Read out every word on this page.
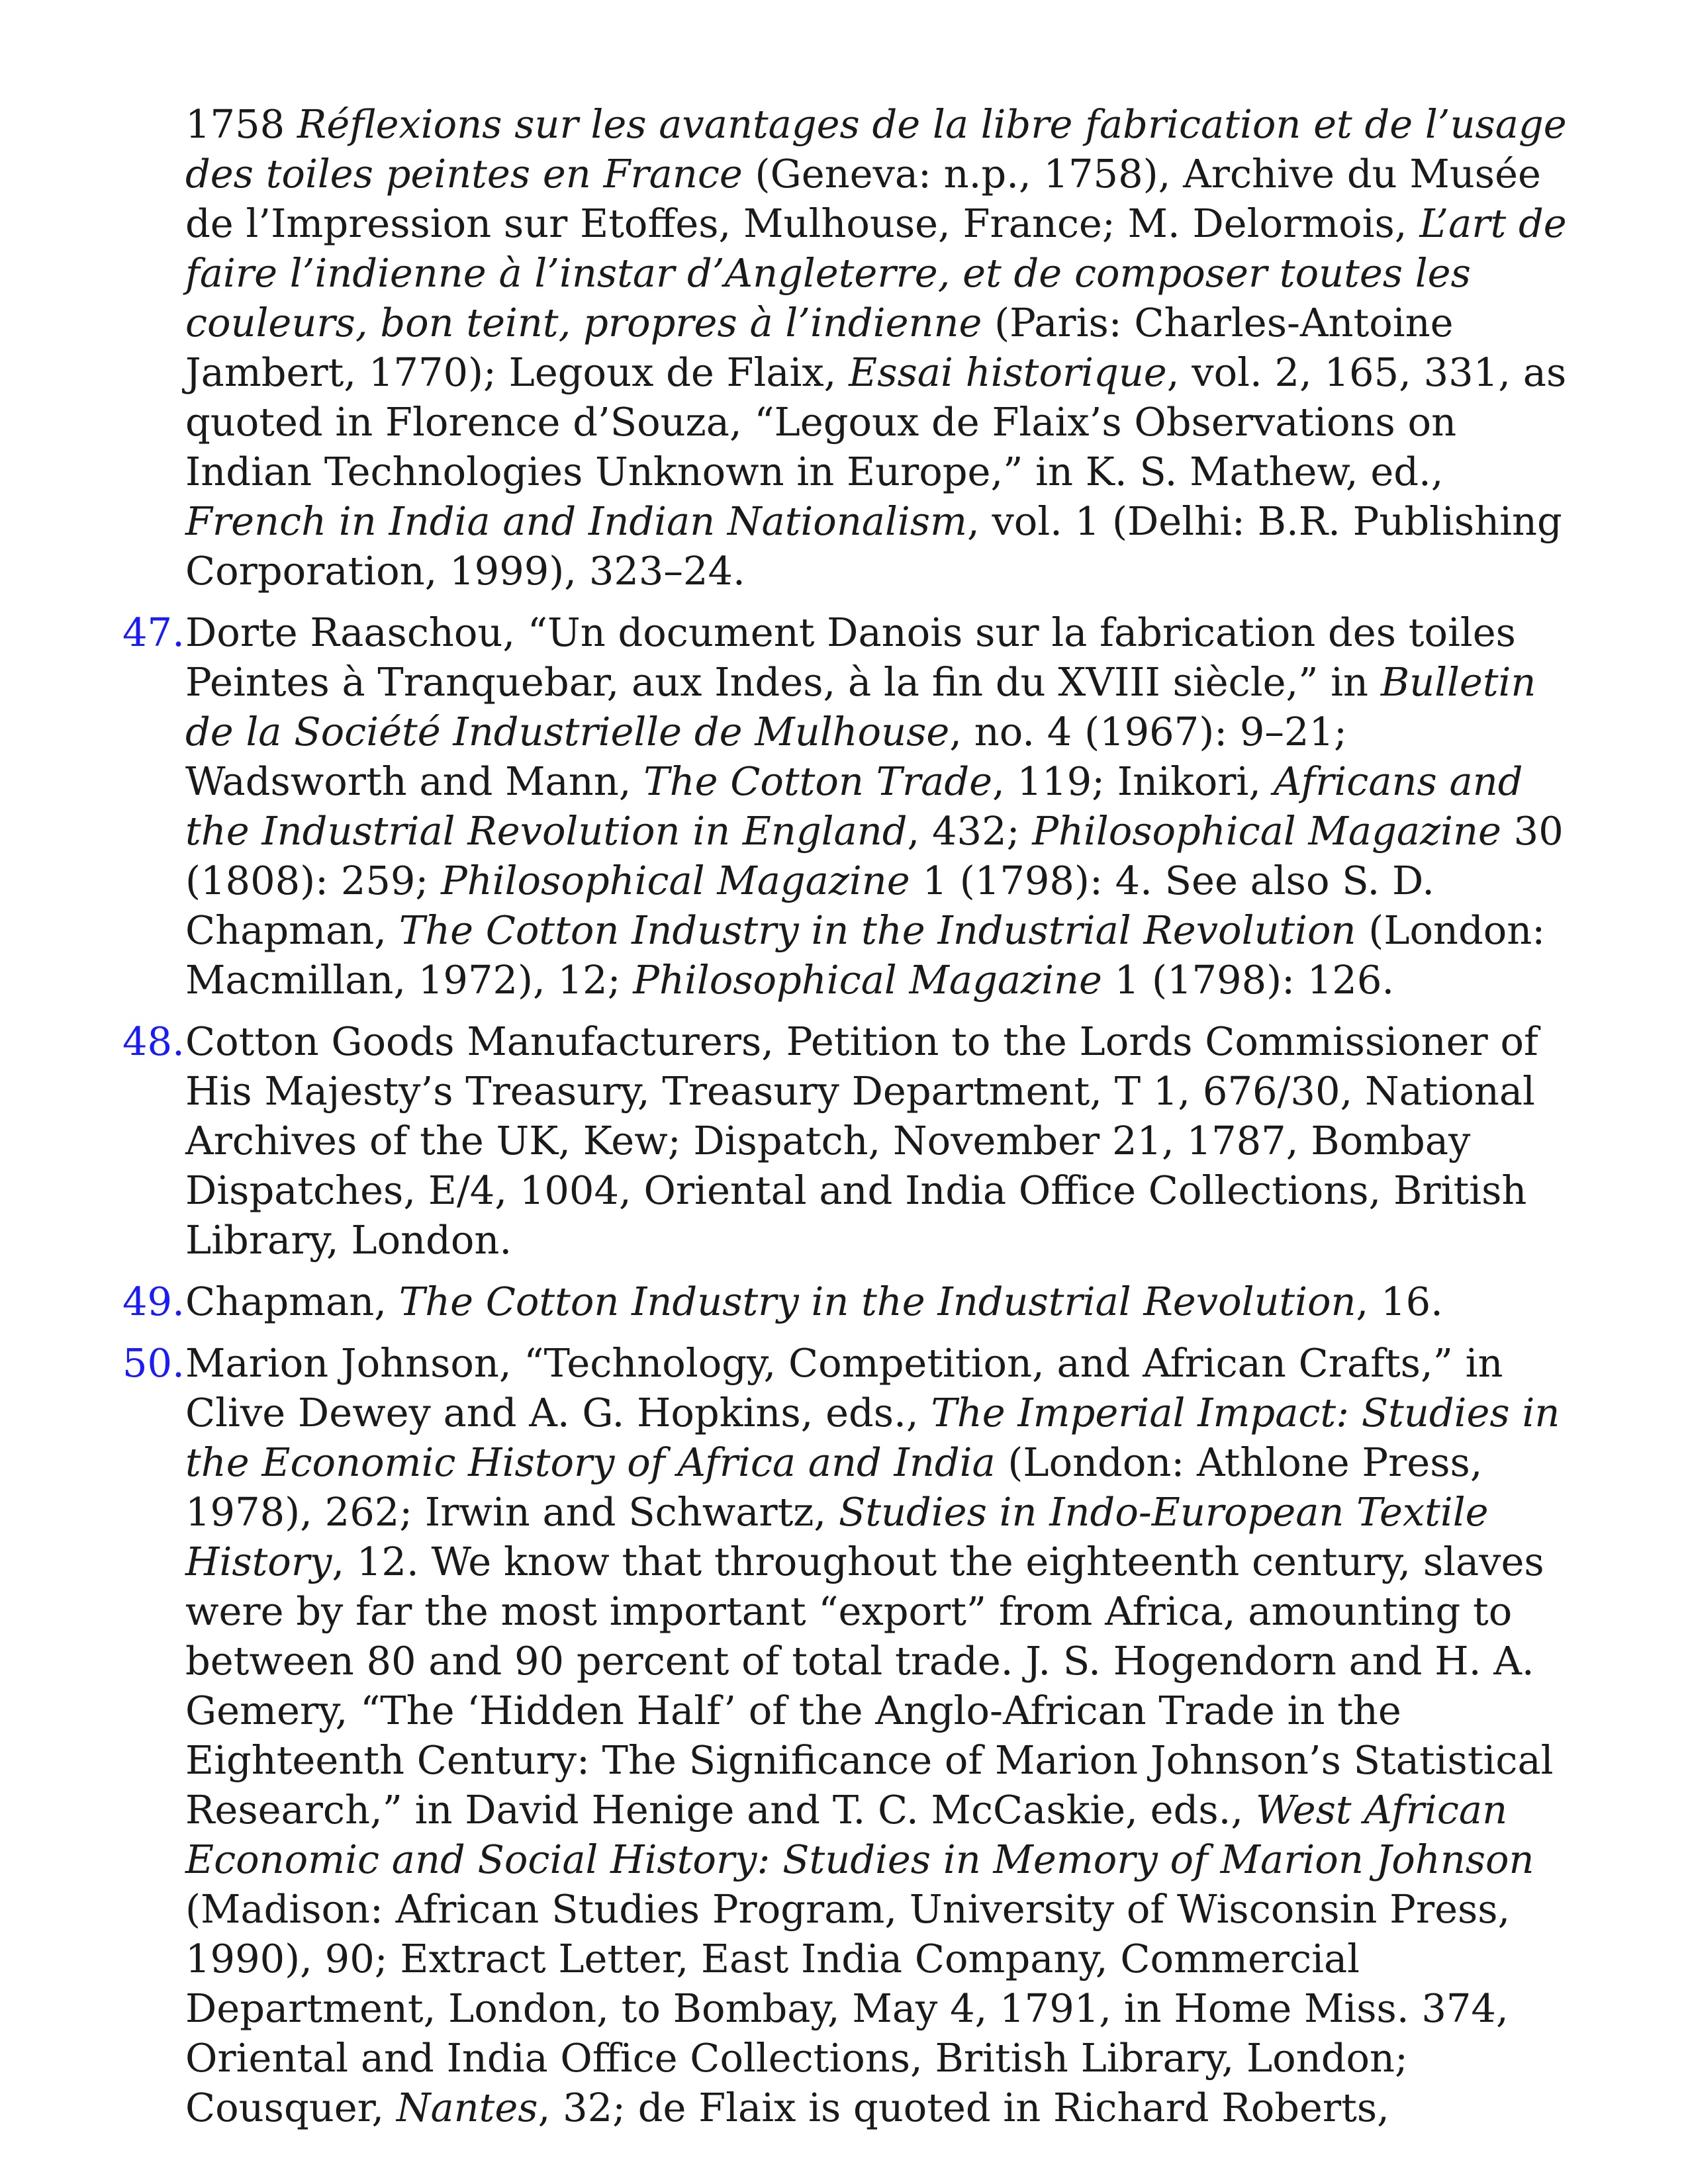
1758 Réflexions sur les avantages de la libre fabrication et de l’usage des toiles peintes en France (Geneva: n.p., 1758), Archive du Musée de l’Impression sur Etoffes, Mulhouse, France; M. Delormois, L’art de faire l’indienne à l’instar d’Angleterre, et de composer toutes les couleurs, bon teint, propres à l’indienne (Paris: Charles-Antoine Jambert, 1770); Legoux de Flaix, Essai historique, vol. 2, 165, 331, as quoted in Florence d’Souza, “Legoux de Flaix’s Observations on Indian Technologies Unknown in Europe,” in K. S. Mathew, ed., French in India and Indian Nationalism, vol. 1 (Delhi: B.R. Publishing Corporation, 1999), 323–24.
47. Dorte Raaschou, “Un document Danois sur la fabrication des toiles Peintes à Tranquebar, aux Indes, à la fin du XVIII siècle,” in Bulletin de la Société Industrielle de Mulhouse, no. 4 (1967): 9–21; Wadsworth and Mann, The Cotton Trade, 119; Inikori, Africans and the Industrial Revolution in England, 432; Philosophical Magazine 30 (1808): 259; Philosophical Magazine 1 (1798): 4. See also S. D. Chapman, The Cotton Industry in the Industrial Revolution (London: Macmillan, 1972), 12; Philosophical Magazine 1 (1798): 126.
48. Cotton Goods Manufacturers, Petition to the Lords Commissioner of His Majesty’s Treasury, Treasury Department, T 1, 676/30, National Archives of the UK, Kew; Dispatch, November 21, 1787, Bombay Dispatches, E/4, 1004, Oriental and India Office Collections, British Library, London.
49. Chapman, The Cotton Industry in the Industrial Revolution, 16.
50. Marion Johnson, “Technology, Competition, and African Crafts,” in Clive Dewey and A. G. Hopkins, eds., The Imperial Impact: Studies in the Economic History of Africa and India (London: Athlone Press, 1978), 262; Irwin and Schwartz, Studies in Indo-European Textile History, 12. We know that throughout the eighteenth century, slaves were by far the most important “export” from Africa, amounting to between 80 and 90 percent of total trade. J. S. Hogendorn and H. A. Gemery, “The ‘Hidden Half’ of the Anglo-African Trade in the Eighteenth Century: The Significance of Marion Johnson’s Statistical Research,” in David Henige and T. C. McCaskie, eds., West African Economic and Social History: Studies in Memory of Marion Johnson (Madison: African Studies Program, University of Wisconsin Press, 1990), 90; Extract Letter, East India Company, Commercial Department, London, to Bombay, May 4, 1791, in Home Miss. 374, Oriental and India Office Collections, British Library, London; Cousquer, Nantes, 32; de Flaix is quoted in Richard Roberts,
